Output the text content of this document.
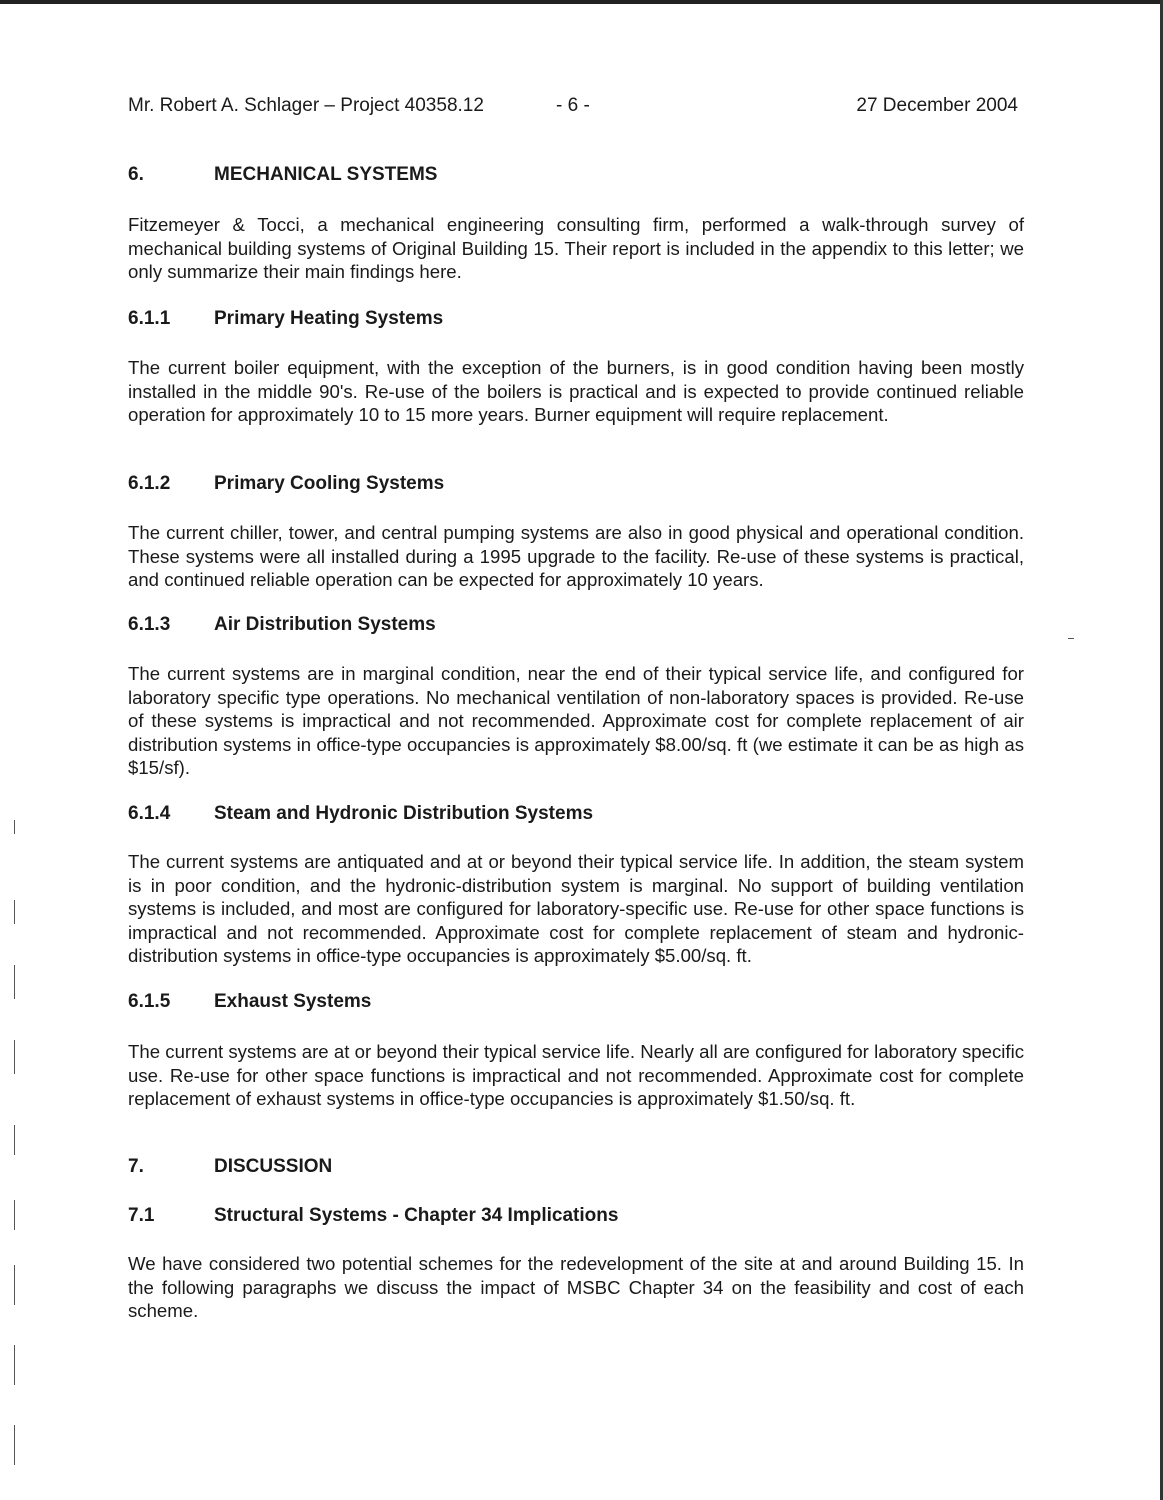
Mr. Robert A. Schlager – Project 40358.12	- 6 -	27 December 2004
6.	MECHANICAL SYSTEMS

Fitzemeyer & Tocci, a mechanical engineering consulting firm, performed a walk-through survey of mechanical building systems of Original Building 15. Their report is included in the appendix to this letter; we only summarize their main findings here.

6.1.1 Primary Heating Systems

The current boiler equipment, with the exception of the burners, is in good condition having been mostly installed in the middle 90's. Re-use of the boilers is practical and is expected to provide continued reliable operation for approximately 10 to 15 more years. Burner equipment will require replacement.

6.1.2 Primary Cooling Systems

The current chiller, tower, and central pumping systems are also in good physical and operational condition. These systems were all installed during a 1995 upgrade to the facility. Re-use of these systems is practical, and continued reliable operation can be expected for approximately 10 years.

6.1.3 Air Distribution Systems

The current systems are in marginal condition, near the end of their typical service life, and configured for laboratory specific type operations. No mechanical ventilation of non-laboratory spaces is provided. Re-use of these systems is impractical and not recommended. Approximate cost for complete replacement of air distribution systems in office-type occupancies is approximately $8.00/sq. ft (we estimate it can be as high as $15/sf).

6.1.4 Steam and Hydronic Distribution Systems

The current systems are antiquated and at or beyond their typical service life. In addition, the steam system is in poor condition, and the hydronic-distribution system is marginal. No support of building ventilation systems is included, and most are configured for laboratory-specific use. Re-use for other space functions is impractical and not recommended. Approximate cost for complete replacement of steam and hydronic-distribution systems in office-type occupancies is approximately $5.00/sq. ft.

6.1.5 Exhaust Systems

The current systems are at or beyond their typical service life. Nearly all are configured for laboratory specific use. Re-use for other space functions is impractical and not recommended. Approximate cost for complete replacement of exhaust systems in office-type occupancies is approximately $1.50/sq. ft.

7.	DISCUSSION
7.1	Structural Systems - Chapter 34 Implications

We have considered two potential schemes for the redevelopment of the site at and around Building 15. In the following paragraphs we discuss the impact of MSBC Chapter 34 on the feasibility and cost of each scheme.
